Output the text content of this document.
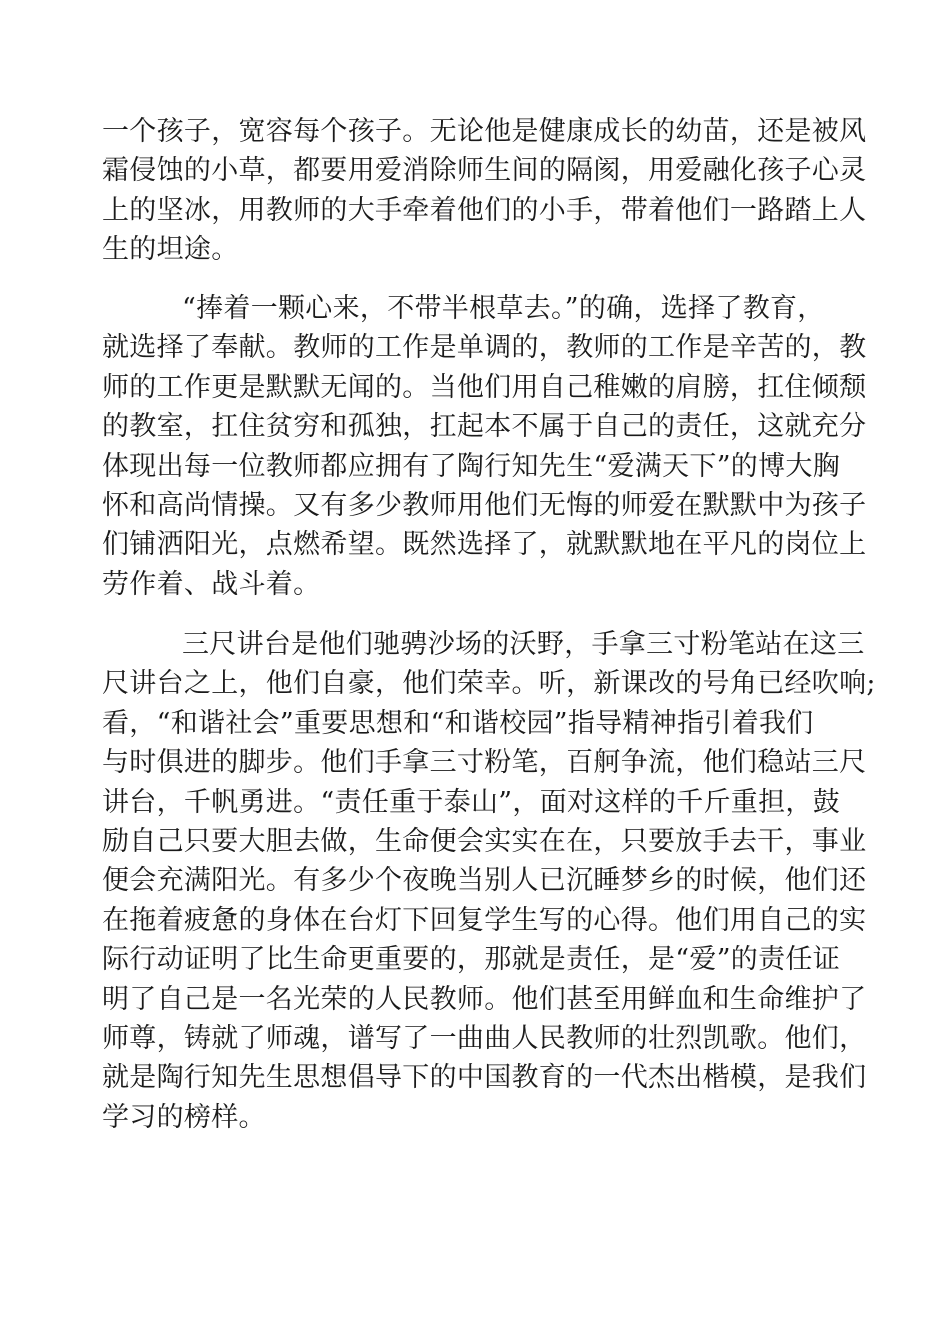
一个孩子，宽容每个孩子。无论他是健康成长的幼苗，还是被风
霜侵蚀的小草，都要用爱消除师生间的隔阂，用爱融化孩子心灵
上的坚冰，用教师的大手牵着他们的小手，带着他们一路踏上人
生的坦途。
“捧着一颗心来，不带半根草去。”的确，选择了教育，
就选择了奉献。教师的工作是单调的，教师的工作是辛苦的，教
师的工作更是默默无闻的。当他们用自己稚嫩的肩膀，扛住倾颓
的教室，扛住贫穷和孤独，扛起本不属于自己的责任，这就充分
体现出每一位教师都应拥有了陶行知先生“爱满天下”的博大胸
怀和高尚情操。又有多少教师用他们无悔的师爱在默默中为孩子
们铺洒阳光，点燃希望。既然选择了，就默默地在平凡的岗位上
劳作着、战斗着。
三尺讲台是他们驰骋沙场的沃野，手拿三寸粉笔站在这三
尺讲台之上，他们自豪，他们荣幸。听，新课改的号角已经吹响;
看，“和谐社会”重要思想和“和谐校园”指导精神指引着我们
与时俱进的脚步。他们手拿三寸粉笔，百舸争流，他们稳站三尺
讲台，千帆勇进。“责任重于泰山”，面对这样的千斤重担，鼓
励自己只要大胆去做，生命便会实实在在，只要放手去干，事业
便会充满阳光。有多少个夜晚当别人已沉睡梦乡的时候，他们还
在拖着疲惫的身体在台灯下回复学生写的心得。他们用自己的实
际行动证明了比生命更重要的，那就是责任，是“爱”的责任证
明了自己是一名光荣的人民教师。他们甚至用鲜血和生命维护了
师尊，铸就了师魂，谱写了一曲曲人民教师的壮烈凯歌。他们，
就是陶行知先生思想倡导下的中国教育的一代杰出楷模，是我们
学习的榜样。
